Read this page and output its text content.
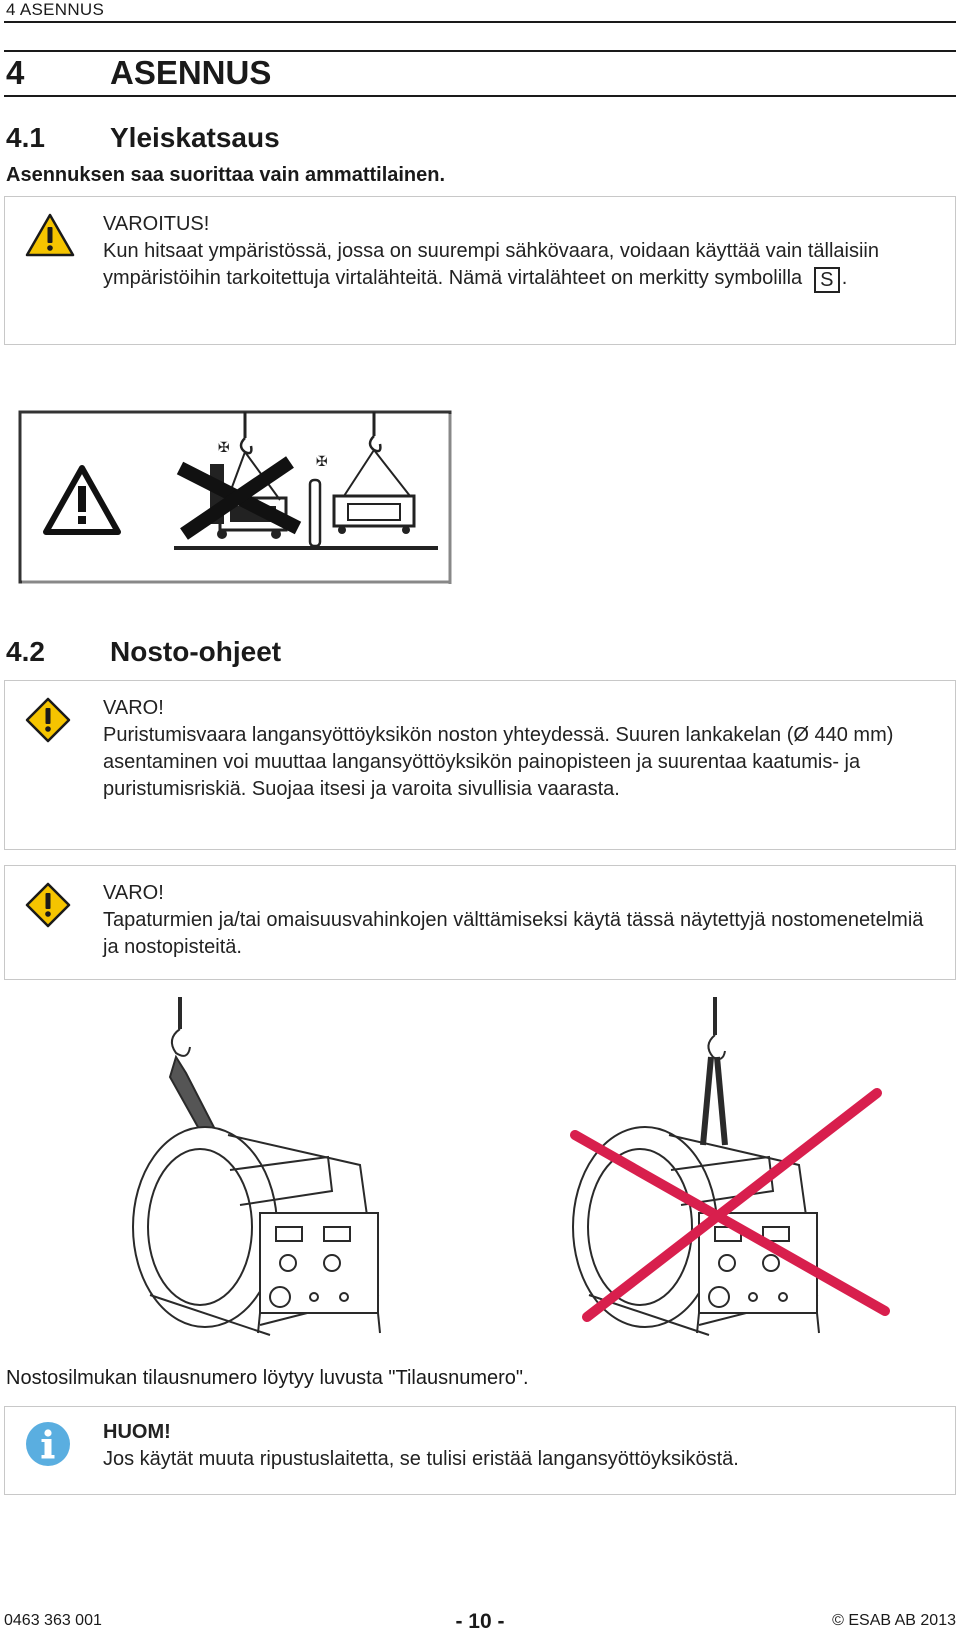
4 ASENNUS
4	ASENNUS
4.1 Yleiskatsaus
Asennuksen saa suorittaa vain ammattilainen.
VAROITUS!
Kun hitsaat ympäristössä, jossa on suurempi sähkövaara, voidaan käyttää vain tällaisiin ympäristöihin tarkoitettuja virtalähteitä. Nämä virtalähteet on merkitty symbolilla S .
✠
✠
4.2 Nosto-ohjeet
VARO!
Puristumisvaara langansyöttöyksikön noston yhteydessä. Suuren lankakelan (Ø 440 mm) asentaminen voi muuttaa langansyöttöyksikön painopisteen ja suurentaa kaatumis- ja puristumisriskiä. Suojaa itsesi ja varoita sivullisia vaarasta.
VARO!
Tapaturmien ja/tai omaisuusvahinkojen välttämiseksi käytä tässä näytettyjä nostomenetelmiä ja nostopisteitä.
Nostosilmukan tilausnumero löytyy luvusta "Tilausnumero".
HUOM!
Jos käytät muuta ripustuslaitetta, se tulisi eristää langansyöttöyksiköstä.
0463 363 001	- 10 -	© ESAB AB 2013
